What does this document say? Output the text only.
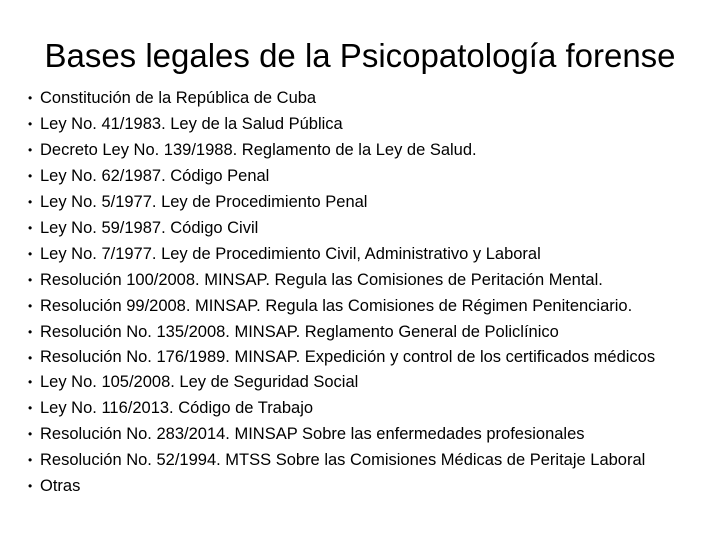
Bases legales de la Psicopatología forense
• Constitución de la República de Cuba
• Ley No. 41/1983. Ley de la Salud Pública
• Decreto Ley No. 139/1988. Reglamento de la Ley de Salud.
• Ley No. 62/1987. Código Penal
• Ley No. 5/1977. Ley de Procedimiento Penal
• Ley No. 59/1987. Código Civil
• Ley No. 7/1977. Ley de Procedimiento Civil, Administrativo y Laboral
• Resolución 100/2008. MINSAP. Regula las Comisiones de Peritación Mental.
• Resolución 99/2008. MINSAP. Regula las Comisiones de Régimen Penitenciario.
• Resolución No. 135/2008. MINSAP. Reglamento General de Policlínico
• Resolución No. 176/1989. MINSAP. Expedición y control de los certificados médicos
• Ley No. 105/2008. Ley de Seguridad Social
• Ley No. 116/2013. Código de Trabajo
• Resolución No. 283/2014. MINSAP Sobre las enfermedades profesionales
• Resolución No. 52/1994. MTSS Sobre las Comisiones Médicas de Peritaje Laboral
• Otras
